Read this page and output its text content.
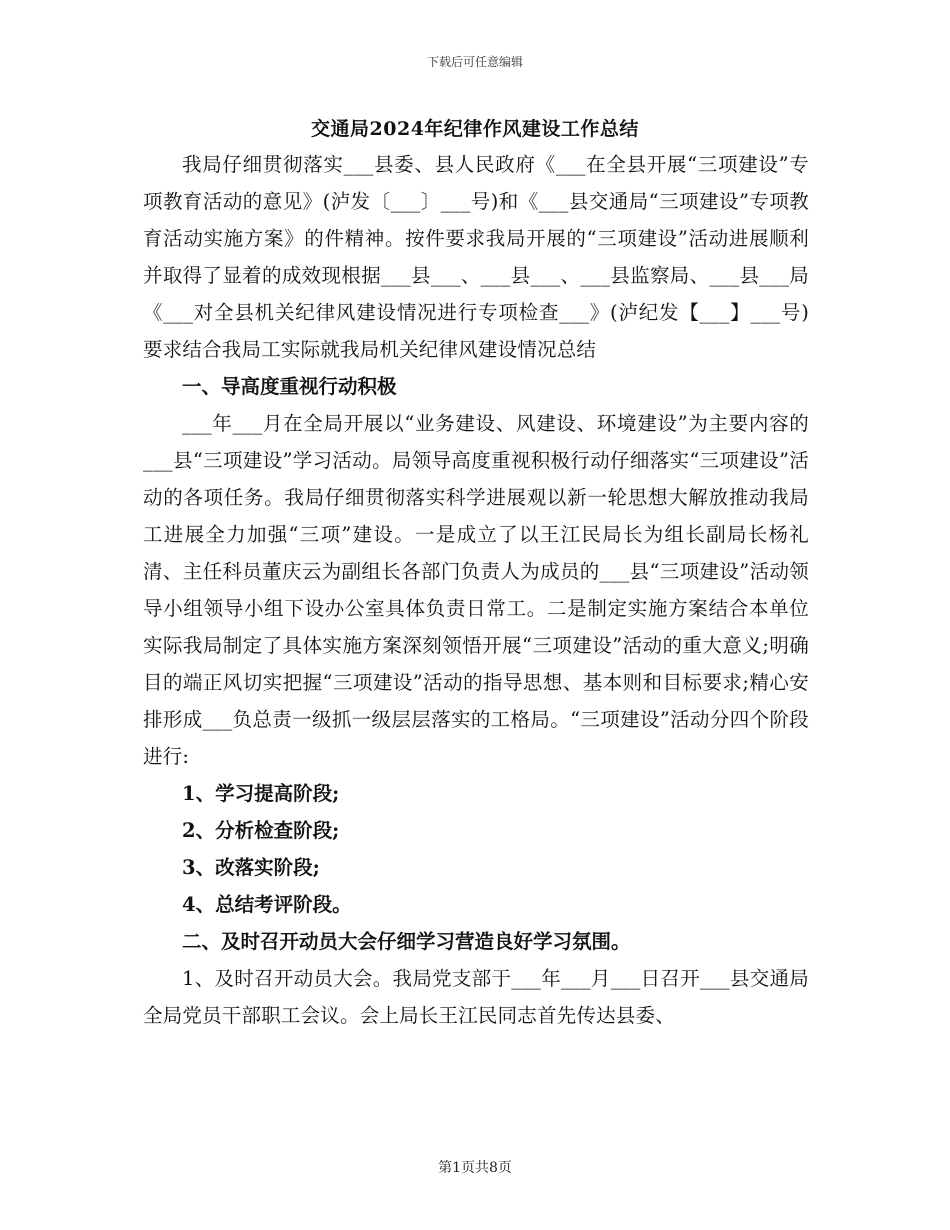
下载后可任意编辑
交通局2024年纪律作风建设工作总结

我局仔细贯彻落实___县委、县人民政府《___在全县开展“三项建设”专项教育活动的意见》(泸发〔___〕___号)和《___县交通局“三项建设”专项教育活动实施方案》的件精神。按件要求我局开展的“三项建设”活动进展顺利并取得了显着的成效现根据___县___、___县___、___县监察局、___县___局《___对全县机关纪律风建设情况进行专项检查___》(泸纪发【___】___号)要求结合我局工实际就我局机关纪律风建设情况总结

一、导高度重视行动积极

___年___月在全局开展以“业务建设、风建设、环境建设”为主要内容的___县“三项建设”学习活动。局领导高度重视积极行动仔细落实“三项建设”活动的各项任务。我局仔细贯彻落实科学进展观以新一轮思想大解放推动我局工进展全力加强“三项”建设。一是成立了以王江民局长为组长副局长杨礼清、主任科员董庆云为副组长各部门负责人为成员的___县“三项建设”活动领导小组领导小组下设办公室具体负责日常工。二是制定实施方案结合本单位实际我局制定了具体实施方案深刻领悟开展“三项建设”活动的重大意义;明确目的端正风切实把握“三项建设”活动的指导思想、基本则和目标要求;精心安排形成___负总责一级抓一级层层落实的工格局。“三项建设”活动分四个阶段进行:

1、学习提高阶段;

2、分析检查阶段;

3、改落实阶段;

4、总结考评阶段。

二、及时召开动员大会仔细学习营造良好学习氛围。

1、及时召开动员大会。我局党支部于___年___月___日召开___县交通局全局党员干部职工会议。会上局长王江民同志首先传达县委、

第1页共8页
